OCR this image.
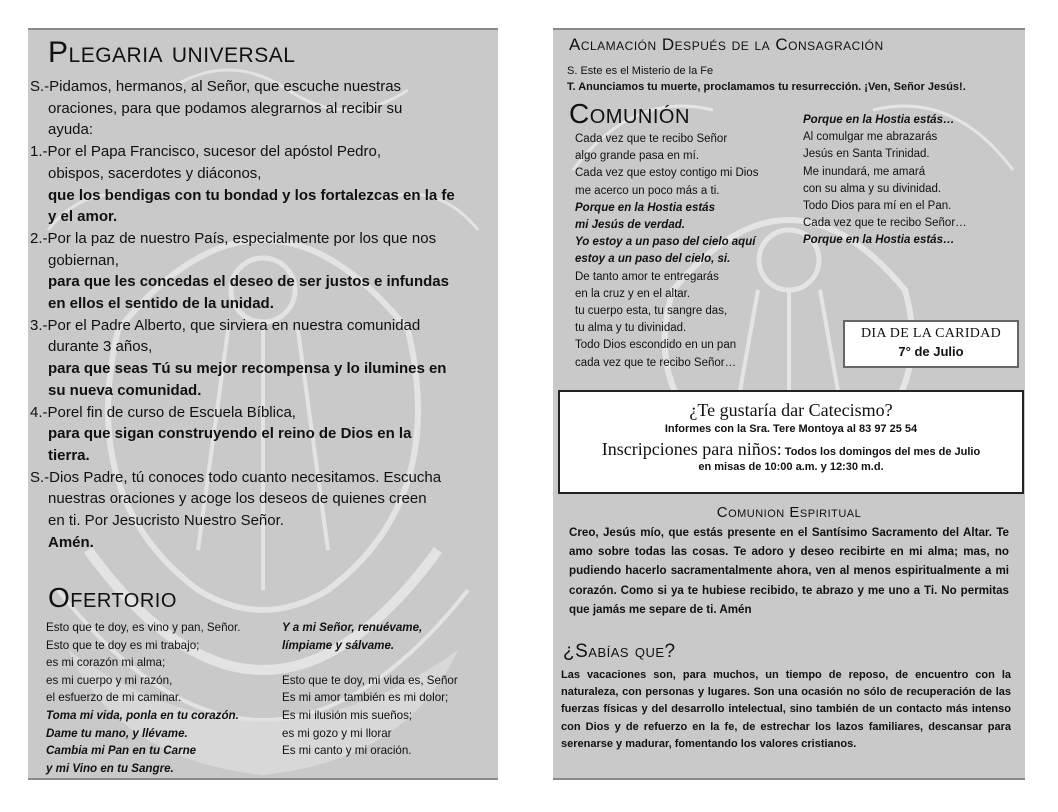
Plegaria universal
S.-Pidamos, hermanos, al Señor, que escuche nuestras
oraciones, para que podamos alegrarnos al recibir su
ayuda:
1.-Por el Papa Francisco, sucesor del apóstol Pedro,
obispos, sacerdotes y diáconos,
que los bendigas con tu bondad y los fortalezcas en la fe
y el amor.
2.-Por la paz de nuestro País, especialmente por los que nos
gobiernan,
para que les concedas el deseo de ser justos e infundas
en ellos el sentido de la unidad.
3.-Por el Padre Alberto, que sirviera en nuestra comunidad
durante 3 años,
para que seas Tú su mejor recompensa y lo ilumines en
su nueva comunidad.
4.-Porel fin de curso de Escuela Bíblica,
para que sigan construyendo el reino de Dios en la
tierra.
S.-Dios Padre, tú conoces todo cuanto necesitamos. Escucha
nuestras oraciones y acoge los deseos de quienes creen
en ti. Por Jesucristo Nuestro Señor.
Amén.
Ofertorio
Esto que te doy, es vino y pan, Señor.
Esto que te doy es mi trabajo;
es mi corazón mi alma;
es mi cuerpo y mi razón,
el esfuerzo de mi caminar.
Toma mi vida, ponla en tu corazón.
Dame tu mano, y llévame.
Cambia mi Pan en tu Carne
y mi Vino en tu Sangre.
Y a mi Señor, renuévame,
límpiame y sálvame.

Esto que te doy, mi vida es, Señor
Es mi amor también es mi dolor;
Es mi ilusión mis sueños;
es mi gozo y mi llorar
Es mi canto y mi oración.
Aclamación Después de la Consagración
S. Este es el Misterio de la Fe
T. Anunciamos tu muerte, proclamamos tu resurrección. ¡Ven, Señor Jesús!.
Comunión
Cada vez que te recibo Señor
algo grande pasa en mí.
Cada vez que estoy contigo mi Dios
me acerco un poco más a ti.
Porque en la Hostia estás
mi Jesús de verdad.
Yo estoy a un paso del cielo aquí
estoy a un paso del cielo, si.
De tanto amor te entregarás
en la cruz y en el altar.
tu cuerpo esta, tu sangre das,
tu alma y tu divinidad.
Todo Dios escondido en un pan
cada vez que te recibo Señor…
Porque en la Hostia estás…
Al comulgar me abrazarás
Jesús en Santa Trinidad.
Me inundará, me amará
con su alma y su divinidad.
Todo Dios para mí en el Pan.
Cada vez que te recibo Señor…
Porque en la Hostia estás…
DIA DE LA CARIDAD
7° de Julio
¿Te gustaría dar Catecismo?
Informes con la Sra. Tere Montoya al 83 97 25 54
Inscripciones para niños: Todos los domingos del mes de Julio
en misas de 10:00 a.m. y 12:30 m.d.
Comunion Espiritual
Creo, Jesús mío, que estás presente en el Santísimo Sacramento del Altar. Te amo sobre todas las cosas. Te adoro y deseo recibirte en mi alma; mas, no pudiendo hacerlo sacramentalmente ahora, ven al menos espiritualmente a mi corazón. Como si ya te hubiese recibido, te abrazo y me uno a Ti. No permitas que jamás me separe de ti. Amén
¿Sabías que?
Las vacaciones son, para muchos, un tiempo de reposo, de encuentro con la naturaleza, con personas y lugares. Son una ocasión no sólo de recuperación de las fuerzas físicas y del desarrollo intelectual, sino también de un contacto más intenso con Dios y de refuerzo en la fe, de estrechar los lazos familiares, descansar para serenarse y madurar, fomentando los valores cristianos.
